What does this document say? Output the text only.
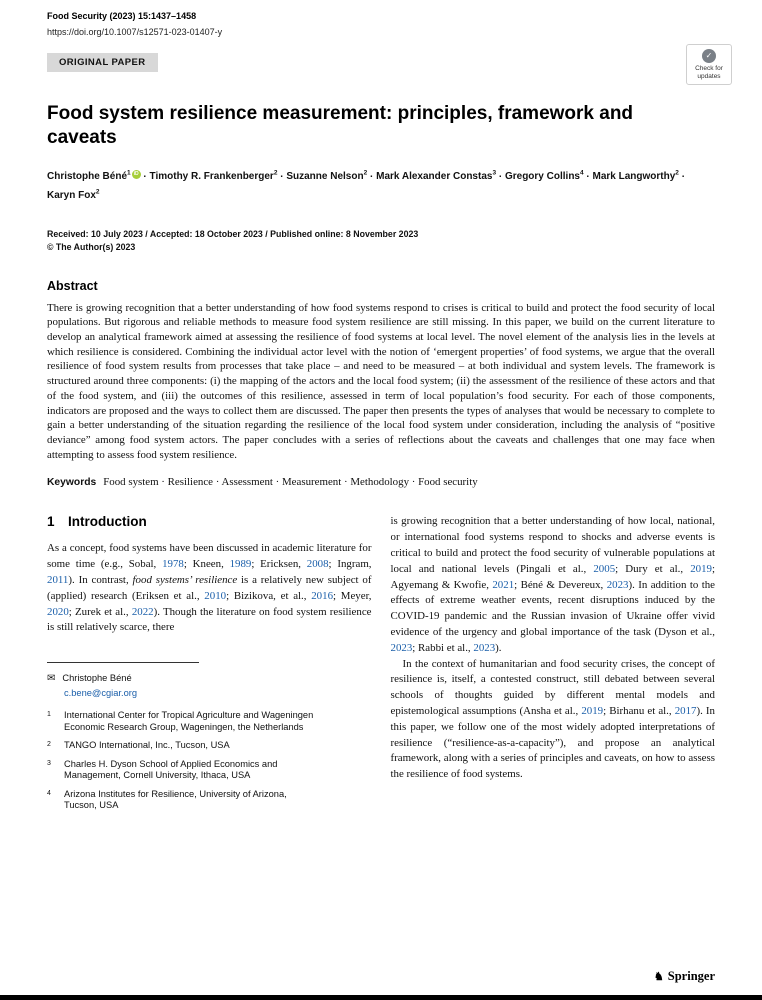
Food Security (2023) 15:1437–1458
https://doi.org/10.1007/s12571-023-01407-y
ORIGINAL PAPER
✓
Check for updates
Food system resilience measurement: principles, framework and caveats
Christophe Béné$^1$ iD · Timothy R. Frankenberger$^2$ · Suzanne Nelson$^2$ · Mark Alexander Constas$^3$ · Gregory Collins$^4$ · Mark Langworthy$^2$ · Karyn Fox$^2$
Received: 10 July 2023 / Accepted: 18 October 2023 / Published online: 8 November 2023
© The Author(s) 2023
Abstract

There is growing recognition that a better understanding of how food systems respond to crises is critical to build and protect the food security of local populations. But rigorous and reliable methods to measure food system resilience are still missing. In this paper, we build on the current literature to develop an analytical framework aimed at assessing the resilience of food systems at local level. The novel element of the analysis lies in the levels at which resilience is considered. Combining the individual actor level with the notion of ‘emergent properties’ of food systems, we argue that the overall resilience of food system results from processes that take place – and need to be measured – at both individual and system levels. The framework is structured around three components: (i) the mapping of the actors and the local food system; (ii) the assessment of the resilience of these actors and that of the food system, and (iii) the outcomes of this resilience, assessed in term of local population’s food security. For each of those components, indicators are proposed and the ways to collect them are discussed. The paper then presents the types of analyses that would be necessary to complete to gain a better understanding of the situation regarding the resilience of the local food system under consideration, including the analysis of “positive deviance” among food system actors. The paper concludes with a series of reflections about the caveats and challenges that one may face when attempting to assess food system resilience.

Keywords Food system · Resilience · Assessment · Measurement · Methodology · Food security
1 Introduction

As a concept, food systems have been discussed in academic literature for some time (e.g., Sobal, 1978; Kneen, 1989; Ericksen, 2008; Ingram, 2011). In contrast, food systems’ resilience is a relatively new subject of (applied) research (Eriksen et al., 2010; Bizikova, et al., 2016; Meyer, 2020; Zurek et al., 2022). Though the literature on food system resilience is still relatively scarce, there

✉ Christophe Béné
c.bene@cgiar.org
1	International Center for Tropical Agriculture and Wageningen Economic Research Group, Wageningen, the Netherlands
2	TANGO International, Inc., Tucson, USA
3	Charles H. Dyson School of Applied Economics and Management, Cornell University, Ithaca, USA
4	Arizona Institutes for Resilience, University of Arizona, Tucson, USA

is growing recognition that a better understanding of how local, national, or international food systems respond to shocks and adverse events is critical to build and protect the food security of vulnerable populations at local and national levels (Pingali et al., 2005; Dury et al., 2019; Agyemang & Kwofie, 2021; Béné & Devereux, 2023). In addition to the effects of extreme weather events, recent disruptions induced by the COVID-19 pandemic and the Russian invasion of Ukraine offer vivid evidence of the urgency and global importance of the task (Dyson et al., 2023; Rabbi et al., 2023).

In the context of humanitarian and food security crises, the concept of resilience is, itself, a contested construct, still debated between several schools of thoughts guided by different mental models and epistemological assumptions (Ansha et al., 2019; Birhanu et al., 2017). In this paper, we follow one of the most widely adopted interpretations of resilience (“resilience-as-a-capacity”), and propose an analytical framework, along with a series of principles and caveats, on how to assess the resilience of food systems.

♞ Springer
